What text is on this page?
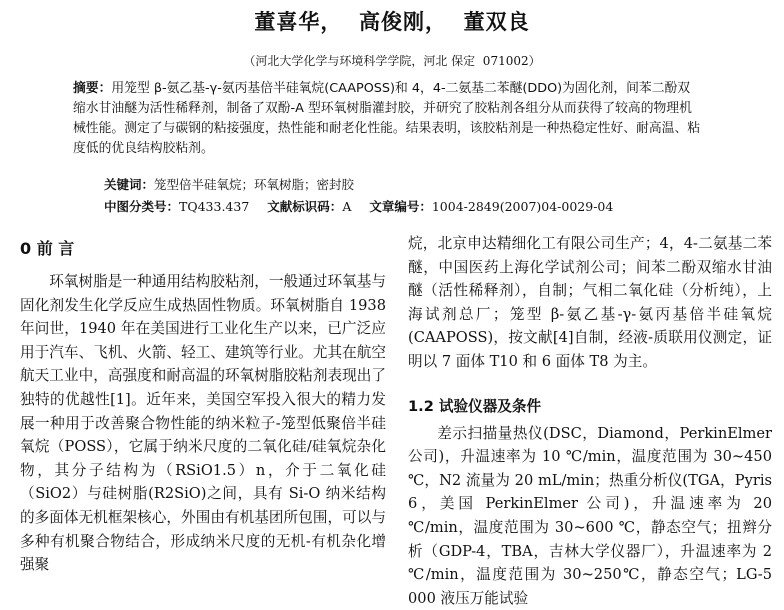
董喜华，  高俊刚，  董双良
（河北大学化学与环境科学学院，河北 保定  071002）

摘要：用笼型 β-氨乙基-γ-氨丙基倍半硅氧烷(CAAPOSS)和 4，4-二氨基二苯醚(DDO)为固化剂，间苯二酚双缩水甘油醚为活性稀释剂，制备了双酚-A 型环氧树脂灌封胶，并研究了胶粘剂各组分从而获得了较高的物理机械性能。测定了与碳钢的粘接强度，热性能和耐老化性能。结果表明，该胶粘剂是一种热稳定性好、耐高温、粘度低的优良结构胶粘剂。

关键词：笼型倍半硅氧烷；环氧树脂；密封胶
中图分类号：TQ433.437 文献标识码：A 文章编号：1004-2849(2007)04-0029-04
0 前 言

环氧树脂是一种通用结构胶粘剂，一般通过环氧基与固化剂发生化学反应生成热固性物质。环氧树脂自 1938 年问世，1940 年在美国进行工业化生产以来，已广泛应用于汽车、飞机、火箭、轻工、建筑等行业。尤其在航空航天工业中，高强度和耐高温的环氧树脂胶粘剂表现出了独特的优越性[1]。近年来，美国空军投入很大的精力发展一种用于改善聚合物性能的纳米粒子-笼型低聚倍半硅氧烷（POSS），它属于纳米尺度的二氧化硅/硅氧烷杂化物，其分子结构为（RSiO1.5）n，介于二氧化硅（SiO2）与硅树脂(R2SiO)之间，具有 Si-O 纳米结构的多面体无机框架核心，外围由有机基团所包围，可以与多种有机聚合物结合，形成纳米尺度的无机-有机杂化增强聚

烷，北京申达精细化工有限公司生产；4，4-二氨基二苯醚，中国医药上海化学试剂公司；间苯二酚双缩水甘油醚（活性稀释剂），自制；气相二氧化硅（分析纯），上海试剂总厂；笼型 β-氨乙基-γ-氨丙基倍半硅氧烷(CAAPOSS)，按文献[4]自制，经液-质联用仪测定，证明以 7 面体 T10 和 6 面体 T8 为主。

1.2 试验仪器及条件

差示扫描量热仪(DSC，Diamond，PerkinElmer 公司)，升温速率为 10 ℃/min，温度范围为 30~450 ℃，N2 流量为 20 mL/min；热重分析仪(TGA，Pyris 6，美国 PerkinElmer 公司)，升温速率为 20 ℃/min，温度范围为 30~600 ℃，静态空气；扭辫分析（GDP-4，TBA，吉林大学仪器厂），升温速率为 2 ℃/min，温度范围为 30~250℃，静态空气；LG-5 000 液压万能试验
